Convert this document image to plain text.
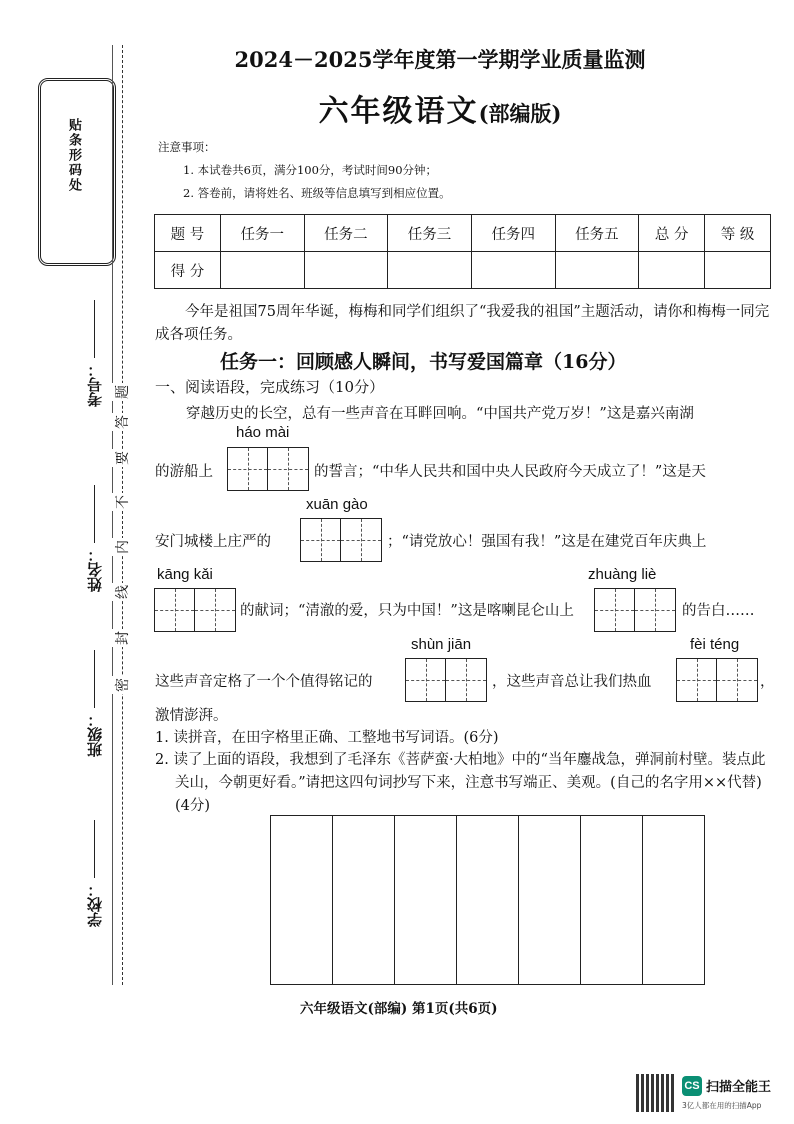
贴条形码处
考号：
姓名：
班级：
学校：
题
答
要
不
内
线
封
密
2024－2025学年度第一学期学业质量监测
六年级语文(部编版)
注意事项：
1. 本试卷共6页，满分100分，考试时间90分钟；
2. 答卷前，请将姓名、班级等信息填写到相应位置。
题 号	任务一	任务二	任务三	任务四	任务五	总 分	等 级
得 分							
今年是祖国75周年华诞，梅梅和同学们组织了“我爱我的祖国”主题活动，请你和梅梅一同完成各项任务。
任务一：回顾感人瞬间，书写爱国篇章（16分）
一、阅读语段，完成练习（10分）
穿越历史的长空，总有一些声音在耳畔回响。“中国共产党万岁！”这是嘉兴南湖
háo mài
的游船上	的誓言；“中华人民共和国中央人民政府今天成立了！”这是天
xuān gào
安门城楼上庄严的	；“请党放心！强国有我！”这是在建党百年庆典上
kāng kǎi	zhuàng liè
的献词；“清澈的爱，只为中国！”这是喀喇昆仑山上	的告白……
shùn jiān	fèi téng
这些声音定格了一个个值得铭记的	，这些声音总让我们热血	，
激情澎湃。
1. 读拼音，在田字格里正确、工整地书写词语。(6分)
2. 读了上面的语段，我想到了毛泽东《菩萨蛮·大柏地》中的“当年鏖战急，弹洞前村壁。装点此关山，今朝更好看。”请把这四句词抄写下来，注意书写端正、美观。(自己的名字用××代替)(4分)
六年级语文(部编) 第1页(共6页)
CS 扫描全能王
3亿人都在用的扫描App
